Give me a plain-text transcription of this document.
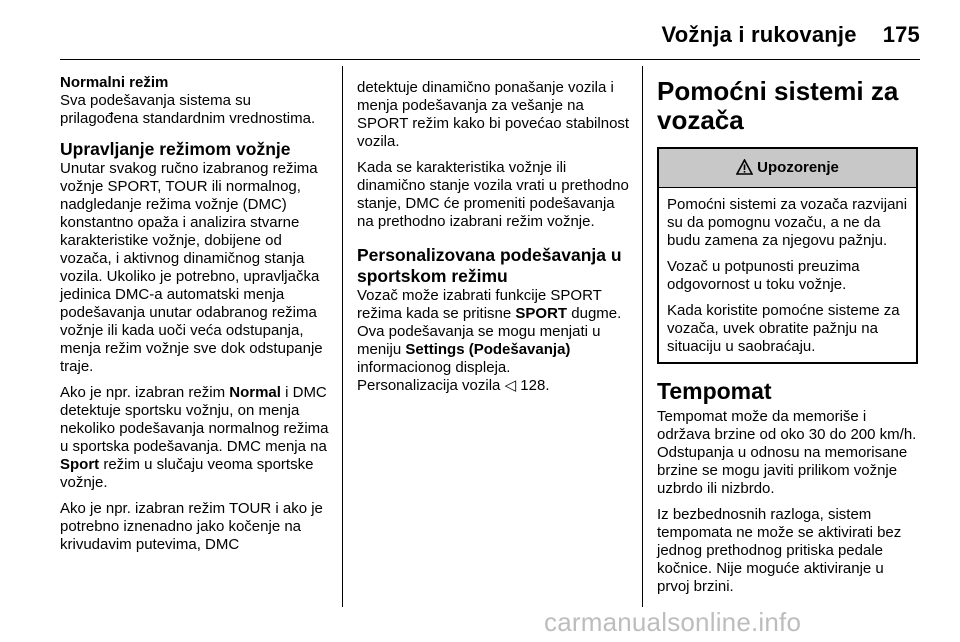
Vožnja i rukovanje 175
Normalni režim

Sva podešavanja sistema su prilagođena standardnim vrednostima.

Upravljanje režimom vožnje

Unutar svakog ručno izabranog režima vožnje SPORT, TOUR ili normalnog, nadgledanje režima vožnje (DMC) konstantno opaža i analizira stvarne karakteristike vožnje, dobijene od vozača, i aktivnog dinamičnog stanja vozila. Ukoliko je potrebno, upravljačka jedinica DMC-a automatski menja podešavanja unutar odabranog režima vožnje ili kada uoči veća odstupanja, menja režim vožnje sve dok odstupanje traje.

Ako je npr. izabran režim Normal i DMC detektuje sportsku vožnju, on menja nekoliko podešavanja normalnog režima u sportska podešavanja. DMC menja na Sport režim u slučaju veoma sportske vožnje.

Ako je npr. izabran režim TOUR i ako je potrebno iznenadno jako kočenje na krivudavim putevima, DMC

detektuje dinamično ponašanje vozila i menja podešavanja za vešanje na SPORT režim kako bi povećao stabilnost vozila.

Kada se karakteristika vožnje ili dinamično stanje vozila vrati u prethodno stanje, DMC će promeniti podešavanja na prethodno izabrani režim vožnje.

Personalizovana podešavanja u sportskom režimu

Vozač može izabrati funkcije SPORT režima kada se pritisne SPORT dugme. Ova podešavanja se mogu menjati u meniju Settings (Podešavanja) informacionog displeja.

Personalizacija vozila ◁ 128.

Pomoćni sistemi za vozača
Upozorenje

Pomoćni sistemi za vozača razvijani su da pomognu vozaču, a ne da budu zamena za njegovu pažnju.

Vozač u potpunosti preuzima odgovornost u toku vožnje.

Kada koristite pomoćne sisteme za vozača, uvek obratite pažnju na situaciju u saobraćaju.

Tempomat

Tempomat može da memoriše i održava brzine od oko 30 do 200 km/h. Odstupanja u odnosu na memorisane brzine se mogu javiti prilikom vožnje uzbrdo ili nizbrdo.

Iz bezbednosnih razloga, sistem tempomata ne može se aktivirati bez jednog prethodnog pritiska pedale kočnice. Nije moguće aktiviranje u prvoj brzini.

carmanualsonline.info
